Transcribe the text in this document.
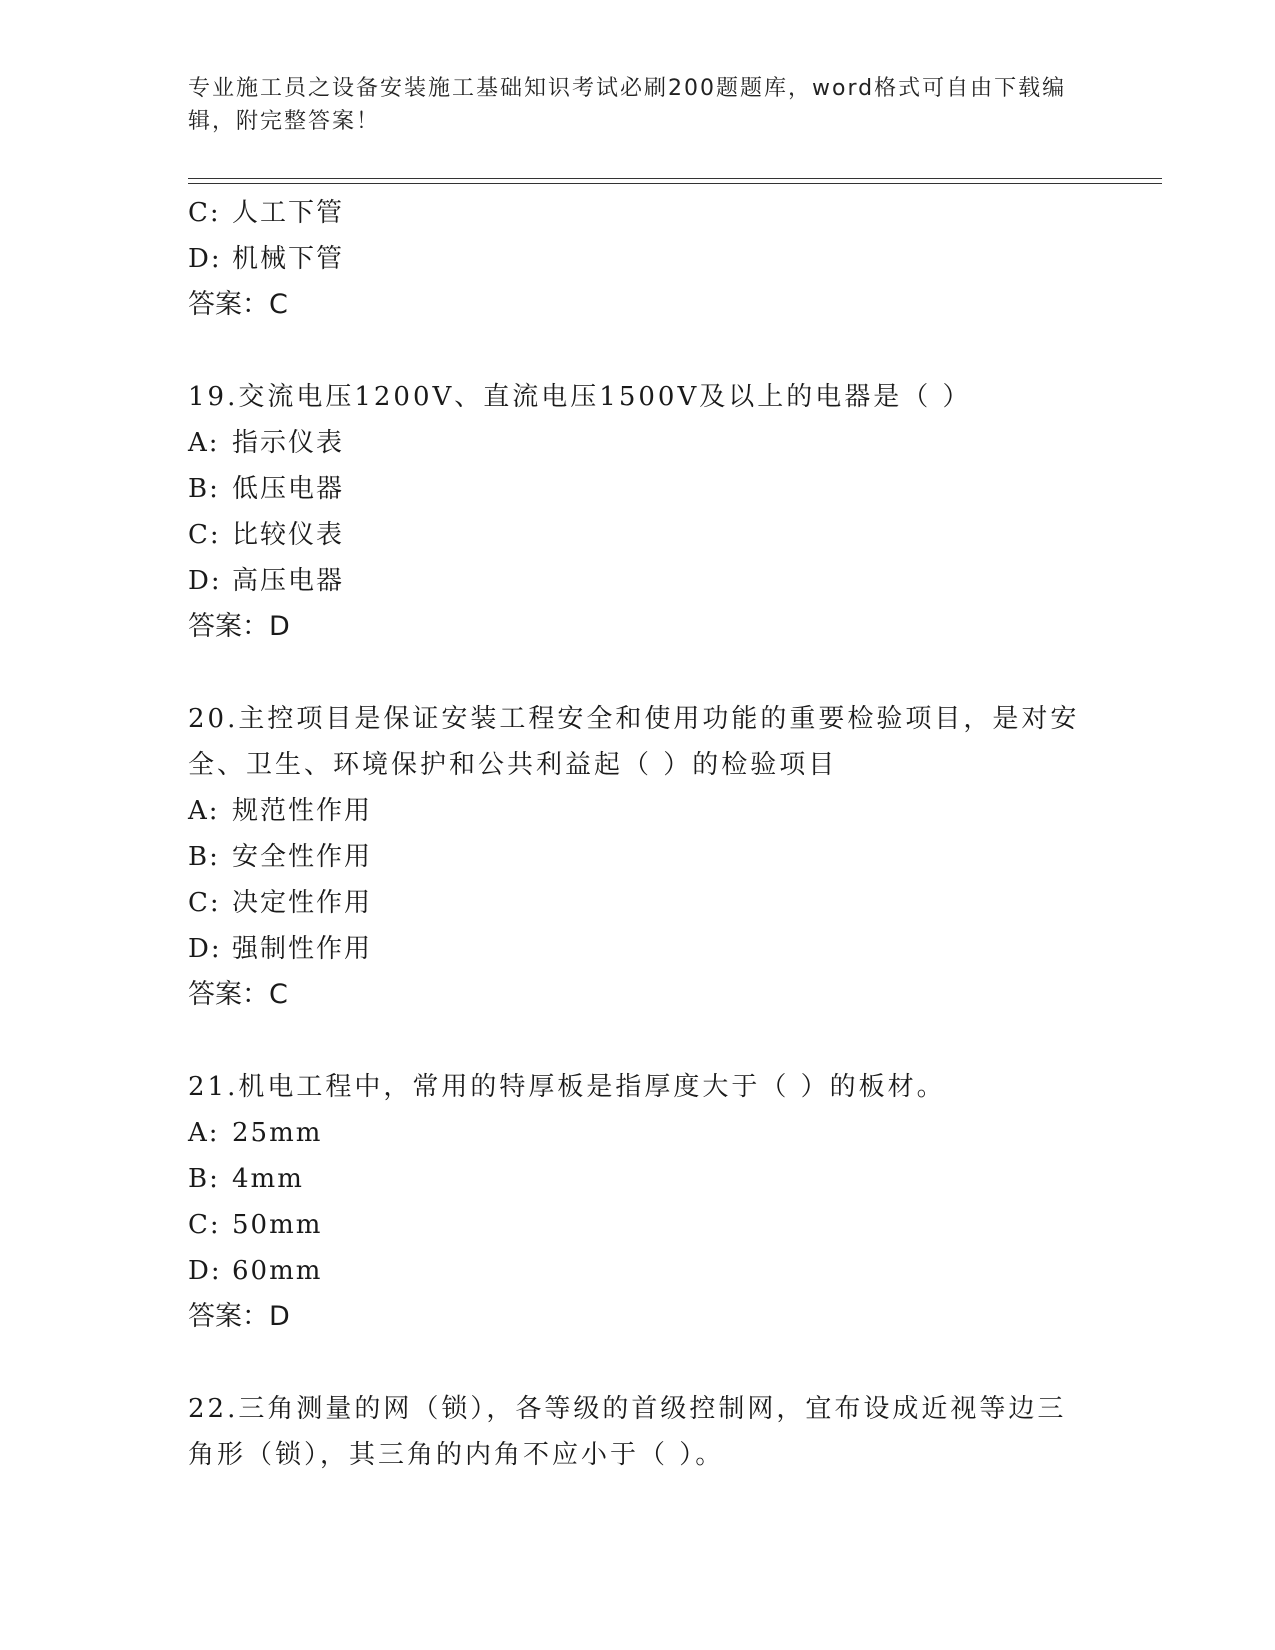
专业施工员之设备安装施工基础知识考试必刷200题题库，word格式可自由下载编辑，附完整答案！
C: 人工下管
D: 机械下管
答案：C
19.交流电压1200V、直流电压1500V及以上的电器是（ ）
A: 指示仪表
B: 低压电器
C: 比较仪表
D: 高压电器
答案：D
20.主控项目是保证安装工程安全和使用功能的重要检验项目，是对安全、卫生、环境保护和公共利益起（ ）的检验项目
A: 规范性作用
B: 安全性作用
C: 决定性作用
D: 强制性作用
答案：C
21.机电工程中，常用的特厚板是指厚度大于（ ）的板材。
A: 25mm
B: 4mm
C: 50mm
D: 60mm
答案：D
22.三角测量的网（锁），各等级的首级控制网，宜布设成近视等边三角形（锁），其三角的内角不应小于（ ）。
